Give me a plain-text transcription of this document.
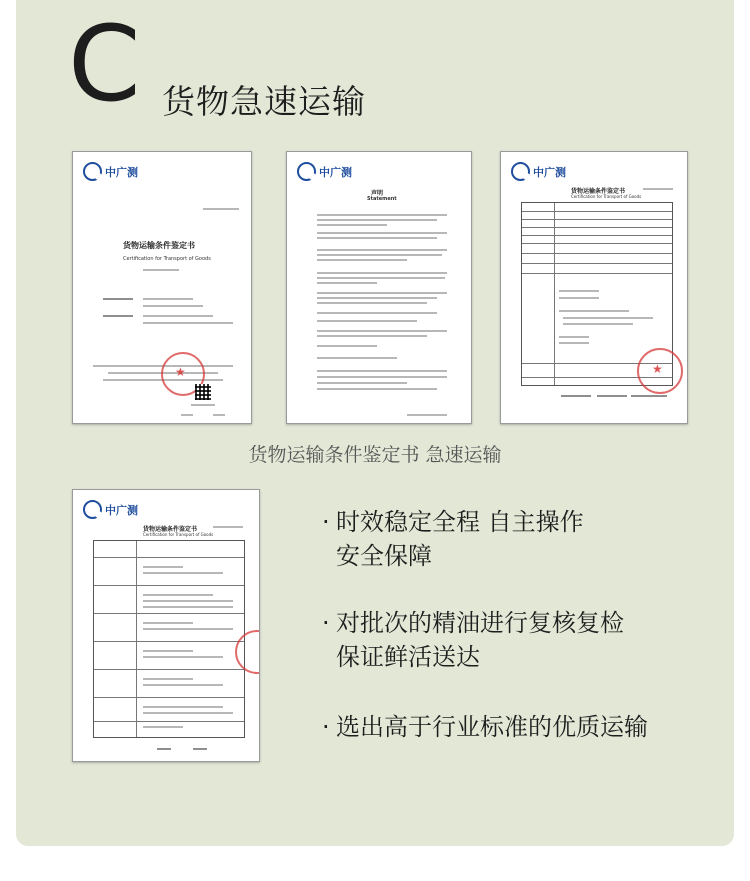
C 货物急速运输
中广测
货物运输条件鉴定书
Certification for Transport of Goods
★
中广测
声明
Statement
中广测
货物运输条件鉴定书
Certification for Transport of Goods
★
中广测
货物运输条件鉴定书
Certification for Transport of Goods
货物运输条件鉴定书 急速运输
· 时效稳定全程 自主操作
安全保障
· 对批次的精油进行复核复检
保证鲜活送达
· 选出高于行业标准的优质运输
